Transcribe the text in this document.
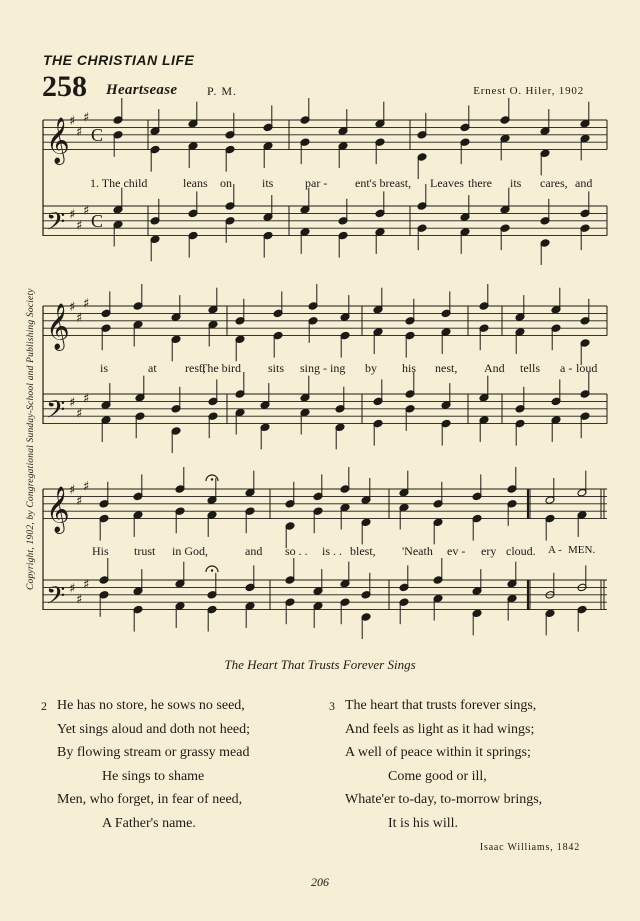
THE CHRISTIAN LIFE
258 Heartsease P. M.	Ernest O. Hiler, 1902
Copyright, 1902, by Congregational Sunday-School and Publishing Society
𝄞 ♯
♯
♯
C
𝄢 ♯
♯
♯ C
𝄞 ♯
♯
♯
𝄢 ♯
♯
♯
𝄞 ♯
♯
♯
𝄢 ♯
♯
♯
1. The child	leans on	its	par - ent's breast, Leaves there its cares, and
is	at rest;
The bird sits sing - ing by his nest, And tells a - loud
His trust in God,	and so . . is . . blest, 'Neath ev - ery cloud. A - MEN.
The Heart That Trusts Forever Sings
2 He has no store, he sows no seed,
Yet sings aloud and doth not heed;
By flowing stream or grassy mead
He sings to shame
Men, who forget, in fear of need,
A Father's name.
3 The heart that trusts forever sings,
And feels as light as it had wings;
A well of peace within it springs;
Come good or ill,
Whate'er to-day, to-morrow brings,
It is his will.
Isaac Williams, 1842
206
